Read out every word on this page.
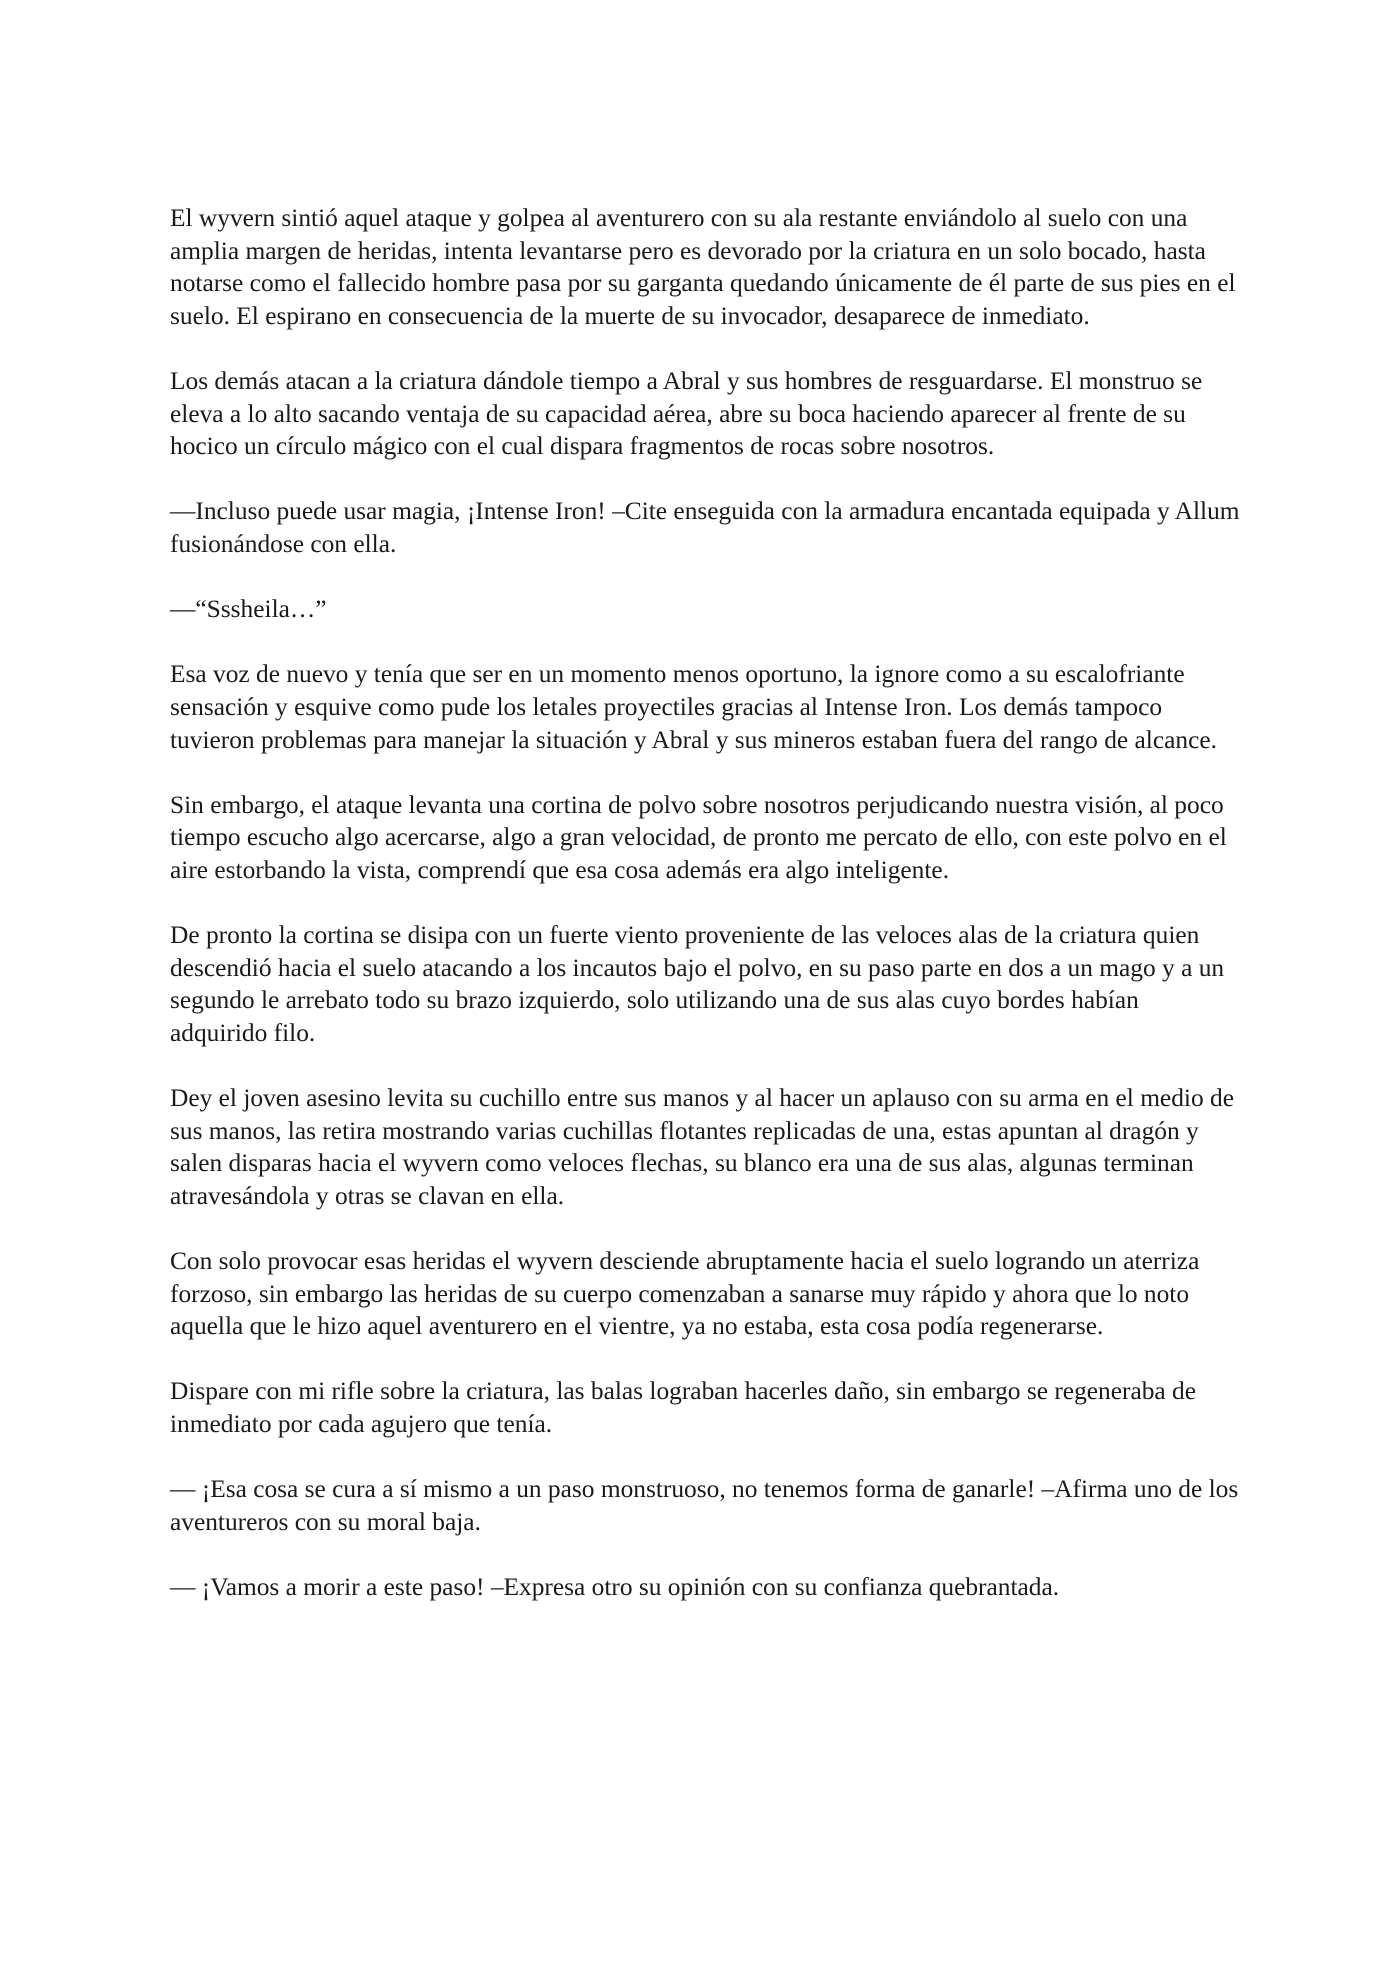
El wyvern sintió aquel ataque y golpea al aventurero con su ala restante enviándolo al suelo con una amplia margen de heridas, intenta levantarse pero es devorado por la criatura en un solo bocado, hasta notarse como el fallecido hombre pasa por su garganta quedando únicamente de él parte de sus pies en el suelo. El espirano en consecuencia de la muerte de su invocador, desaparece de inmediato.

Los demás atacan a la criatura dándole tiempo a Abral y sus hombres de resguardarse. El monstruo se eleva a lo alto sacando ventaja de su capacidad aérea, abre su boca haciendo aparecer al frente de su hocico un círculo mágico con el cual dispara fragmentos de rocas sobre nosotros.

—Incluso puede usar magia, ¡Intense Iron! –Cite enseguida con la armadura encantada equipada y Allum fusionándose con ella.

—“Sssheila…”

Esa voz de nuevo y tenía que ser en un momento menos oportuno, la ignore como a su escalofriante sensación y esquive como pude los letales proyectiles gracias al Intense Iron. Los demás tampoco tuvieron problemas para manejar la situación y Abral y sus mineros estaban fuera del rango de alcance.

Sin embargo, el ataque levanta una cortina de polvo sobre nosotros perjudicando nuestra visión, al poco tiempo escucho algo acercarse, algo a gran velocidad, de pronto me percato de ello, con este polvo en el aire estorbando la vista, comprendí que esa cosa además era algo inteligente.

De pronto la cortina se disipa con un fuerte viento proveniente de las veloces alas de la criatura quien descendió hacia el suelo atacando a los incautos bajo el polvo, en su paso parte en dos a un mago y a un segundo le arrebato todo su brazo izquierdo, solo utilizando una de sus alas cuyo bordes habían adquirido filo.

Dey el joven asesino levita su cuchillo entre sus manos y al hacer un aplauso con su arma en el medio de sus manos, las retira mostrando varias cuchillas flotantes replicadas de una, estas apuntan al dragón y salen disparas hacia el wyvern como veloces flechas, su blanco era una de sus alas, algunas terminan atravesándola y otras se clavan en ella.

Con solo provocar esas heridas el wyvern desciende abruptamente hacia el suelo logrando un aterriza forzoso, sin embargo las heridas de su cuerpo comenzaban a sanarse muy rápido y ahora que lo noto aquella que le hizo aquel aventurero en el vientre, ya no estaba, esta cosa podía regenerarse.

Dispare con mi rifle sobre la criatura, las balas lograban hacerles daño, sin embargo se regeneraba de inmediato por cada agujero que tenía.

— ¡Esa cosa se cura a sí mismo a un paso monstruoso, no tenemos forma de ganarle! –Afirma uno de los aventureros con su moral baja.

— ¡Vamos a morir a este paso! –Expresa otro su opinión con su confianza quebrantada.
